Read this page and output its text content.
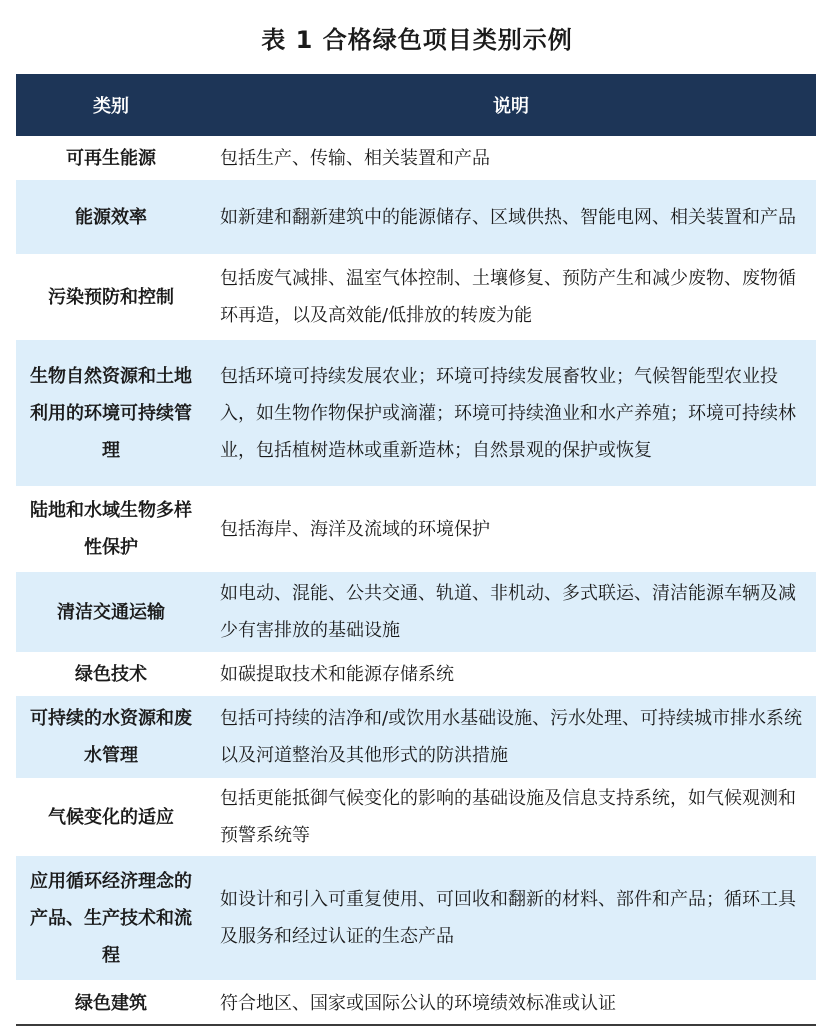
表 1 合格绿色项目类别示例
类别	说明
可再生能源	包括生产、传输、相关装置和产品
能源效率	如新建和翻新建筑中的能源储存、区域供热、智能电网、相关装置和产品
污染预防和控制	包括废气减排、温室气体控制、土壤修复、预防产生和减少废物、废物循环再造，以及高效能/低排放的转废为能
生物自然资源和土地利用的环境可持续管理	包括环境可持续发展农业；环境可持续发展畜牧业；气候智能型农业投入，如生物作物保护或滴灌；环境可持续渔业和水产养殖；环境可持续林业，包括植树造林或重新造林；自然景观的保护或恢复
陆地和水域生物多样性保护	包括海岸、海洋及流域的环境保护
清洁交通运输	如电动、混能、公共交通、轨道、非机动、多式联运、清洁能源车辆及减少有害排放的基础设施
绿色技术	如碳提取技术和能源存储系统
可持续的水资源和废水管理	包括可持续的洁净和/或饮用水基础设施、污水处理、可持续城市排水系统以及河道整治及其他形式的防洪措施
气候变化的适应	包括更能抵御气候变化的影响的基础设施及信息支持系统，如气候观测和预警系统等
应用循环经济理念的产品、生产技术和流程	如设计和引入可重复使用、可回收和翻新的材料、部件和产品；循环工具及服务和经过认证的生态产品
绿色建筑	符合地区、国家或国际公认的环境绩效标准或认证
